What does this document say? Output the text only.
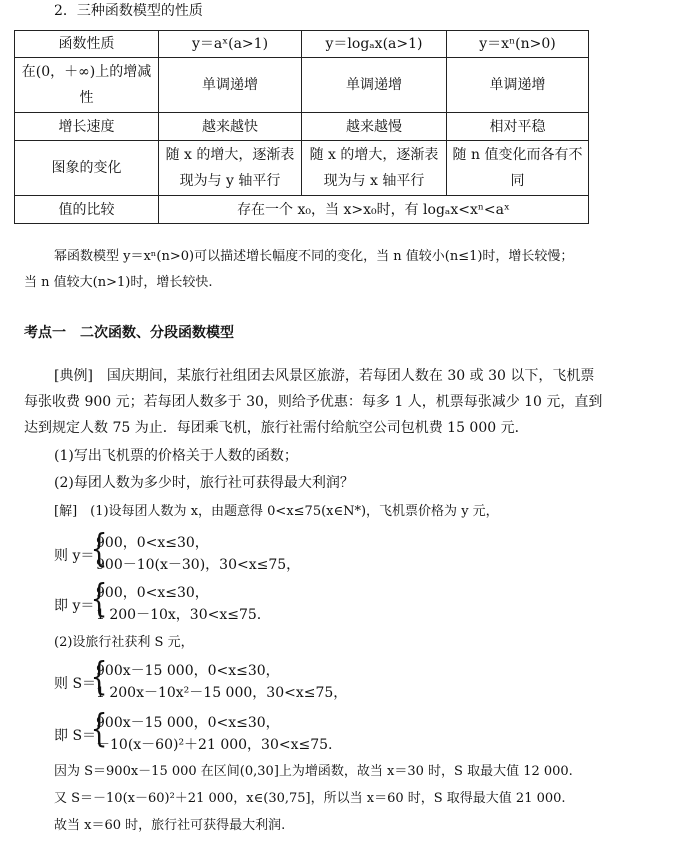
2．三种函数模型的性质
函数性质	y＝aˣ(a>1)	y＝logₐx(a>1)	y＝xⁿ(n>0)
在(0，＋∞)上的增减性	单调递增	单调递增	单调递增
增长速度	越来越快	越来越慢	相对平稳
图象的变化	随 x 的增大，逐渐表现为与 y 轴平行	随 x 的增大，逐渐表现为与 x 轴平行	随 n 值变化而各有不同
值的比较	存在一个 x₀，当 x>x₀时，有 logₐx<xⁿ<aˣ		
幂函数模型 y＝xⁿ(n>0)可以描述增长幅度不同的变化，当 n 值较小(n≤1)时，增长较慢；
当 n 值较大(n>1)时，增长较快.
考点一　二次函数、分段函数模型
[典例]　国庆期间，某旅行社组团去风景区旅游，若每团人数在 30 或 30 以下，飞机票
每张收费 900 元；若每团人数多于 30，则给予优惠：每多 1 人，机票每张减少 10 元，直到
达到规定人数 75 为止．每团乘飞机，旅行社需付给航空公司包机费 15 000 元．
(1)写出飞机票的价格关于人数的函数；
(2)每团人数为多少时，旅行社可获得最大利润？
[解]　(1)设每团人数为 x，由题意得 0<x≤75(x∈N*)，飞机票价格为 y 元，
则 y＝
{
900，0<x≤30，
900－10(x－30)，30<x≤75，
即 y＝
{
900，0<x≤30，
1 200－10x，30<x≤75.
(2)设旅行社获利 S 元，
则 S＝
{
900x－15 000，0<x≤30，
1 200x－10x²－15 000，30<x≤75，
即 S＝
{
900x－15 000，0<x≤30，
－10(x－60)²＋21 000，30<x≤75.
因为 S＝900x－15 000 在区间(0,30]上为增函数，故当 x＝30 时，S 取最大值 12 000.
又 S＝－10(x－60)²＋21 000，x∈(30,75]，所以当 x＝60 时，S 取得最大值 21 000.
故当 x＝60 时，旅行社可获得最大利润.
